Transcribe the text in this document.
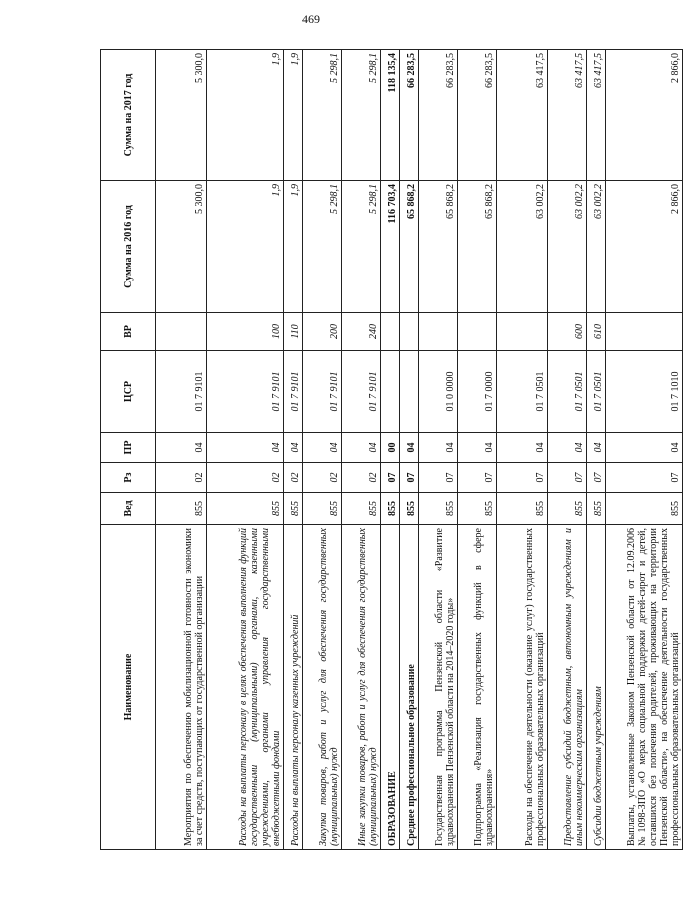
469
Наименование	Вед	Рз	ПР	ЦСР	ВР	Сумма на 2016 год	Сумма на 2017 год
Мероприятия по обеспечению мобилизационной готовности экономики за счет средств, поступающих от государственной организации	855	02	04	01 7 9101		5 300,0	5 300,0
Расходы на выплаты персоналу в целях обеспечения выполнения функций государственными (муниципальными) органами, казенными учреждениями, органами управления государственными внебюджетными фондами	855	02	04	01 7 9101	100	1,9	1,9
Расходы на выплаты персоналу казенных учреждений	855	02	04	01 7 9101	110	1,9	1,9
Закупка товаров, работ и услуг для обеспечения государственных (муниципальных) нужд	855	02	04	01 7 9101	200	5 298,1	5 298,1
Иные закупки товаров, работ и услуг для обеспечения государственных (муниципальных) нужд	855	02	04	01 7 9101	240	5 298,1	5 298,1
ОБРАЗОВАНИЕ	855	07	00			116 703,4	118 135,4
Среднее профессиональное образование	855	07	04			65 868,2	66 283,5
Государственная программа Пензенской области «Развитие здравоохранения Пензенской области на 2014–2020 годы»	855	07	04	01 0 0000		65 868,2	66 283,5
Подпрограмма «Реализация государственных функций в сфере здравоохранения»	855	07	04	01 7 0000		65 868,2	66 283,5
Расходы на обеспечение деятельности (оказание услуг) государственных профессиональных образовательных организаций	855	07	04	01 7 0501		63 002,2	63 417,5
Предоставление субсидий бюджетным, автономным учреждениям и иным некоммерческим организациям	855	07	04	01 7 0501	600	63 002,2	63 417,5
Субсидии бюджетным учреждениям	855	07	04	01 7 0501	610	63 002,2	63 417,5
Выплаты, установленные Законом Пензенской области от 12.09.2006 №1098-ЗПО «О мерах социальной поддержки детей-сирот и детей, оставшихся без попечения родителей, проживающих на территории Пензенской области», на обеспечение деятельности государственных профессиональных образовательных организаций	855	07	04	01 7 1010		2 866,0	2 866,0
